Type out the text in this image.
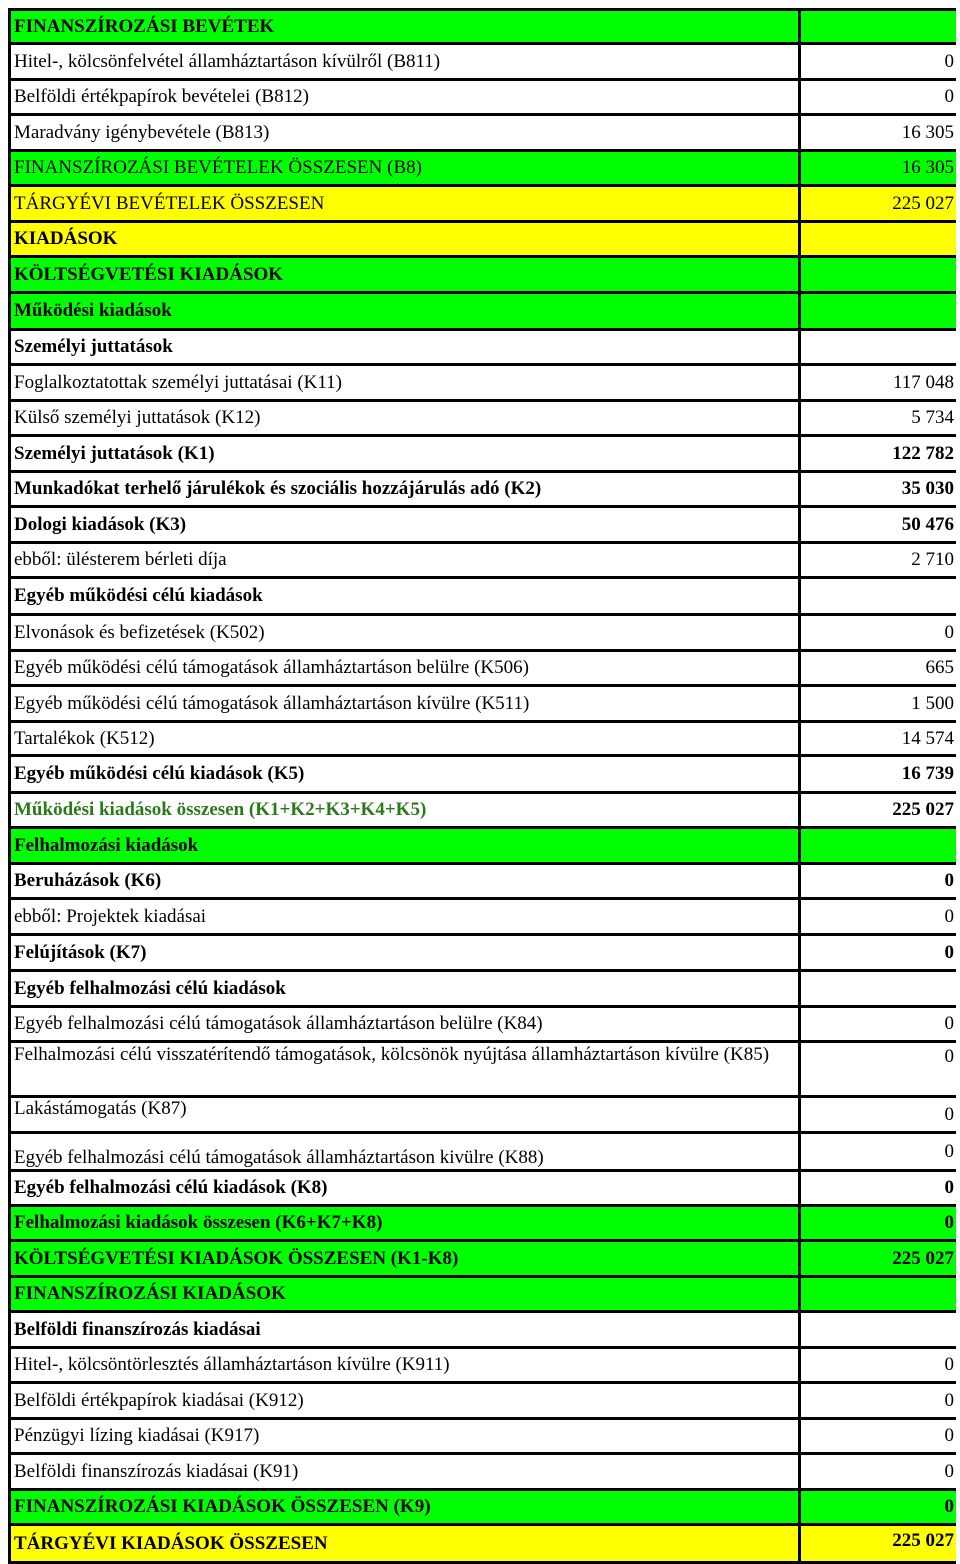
FINANSZÍROZÁSI BEVÉTEK
Hitel-, kölcsönfelvétel államháztartáson kívülről (B811)	0
Belföldi értékpapírok bevételei (B812)	0
Maradvány igénybevétele (B813)	16 305
FINANSZÍROZÁSI BEVÉTELEK ÖSSZESEN (B8)	16 305
TÁRGYÉVI BEVÉTELEK ÖSSZESEN	225 027
KIADÁSOK
KÖLTSÉGVETÉSI KIADÁSOK
Működési kiadások
Személyi juttatások
Foglalkoztatottak személyi juttatásai (K11)	117 048
Külső személyi juttatások (K12)	5 734
Személyi juttatások (K1)	122 782
Munkadókat terhelő járulékok és szociális hozzájárulás adó (K2)	35 030
Dologi kiadások (K3)	50 476
ebből: ülésterem bérleti díja	2 710
Egyéb működési célú kiadások
Elvonások és befizetések (K502)	0
Egyéb működési célú támogatások államháztartáson belülre (K506)	665
Egyéb működési célú támogatások államháztartáson kívülre (K511)	1 500
Tartalékok (K512)	14 574
Egyéb működési célú kiadások (K5)	16 739
Működési kiadások összesen (K1+K2+K3+K4+K5)	225 027
Felhalmozási kiadások
Beruházások (K6)	0
ebből: Projektek kiadásai	0
Felújítások (K7)	0
Egyéb felhalmozási célú kiadások
Egyéb felhalmozási célú támogatások államháztartáson belülre (K84)	0
Felhalmozási célú visszatérítendő támogatások, kölcsönök nyújtása államháztartáson kívülre (K85)	0
Lakástámogatás (K87)	0
Egyéb felhalmozási célú támogatások államháztartáson kivülre (K88)	0
Egyéb felhalmozási célú kiadások (K8)	0
Felhalmozási kiadások összesen (K6+K7+K8)	0
KÖLTSÉGVETÉSI KIADÁSOK ÖSSZESEN (K1-K8)	225 027
FINANSZÍROZÁSI KIADÁSOK
Belföldi finanszírozás kiadásai
Hitel-, kölcsöntörlesztés államháztartáson kívülre (K911)	0
Belföldi értékpapírok kiadásai (K912)	0
Pénzügyi lízing kiadásai (K917)	0
Belföldi finanszírozás kiadásai (K91)	0
FINANSZÍROZÁSI KIADÁSOK ÖSSZESEN (K9)	0
TÁRGYÉVI KIADÁSOK ÖSSZESEN	225 027
